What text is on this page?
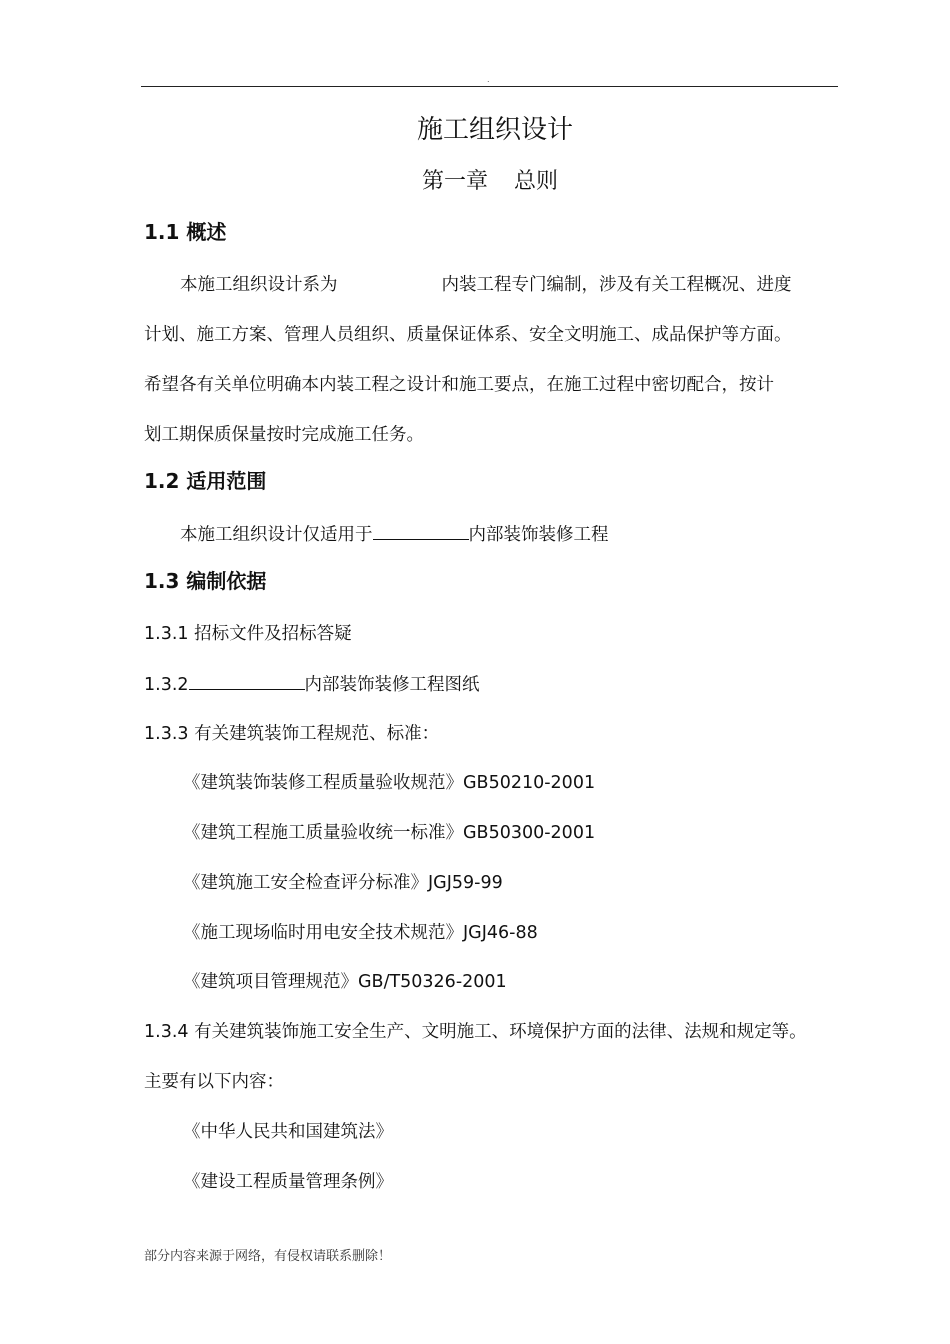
.
施工组织设计
第一章 总则
1.1 概述
本施工组织设计系为	内装工程专门编制，涉及有关工程概况、进度
计划、施工方案、管理人员组织、质量保证体系、安全文明施工、成品保护等方面。
希望各有关单位明确本内装工程之设计和施工要点，在施工过程中密切配合，按计
划工期保质保量按时完成施工任务。
1.2 适用范围
本施工组织设计仅适用于	内部装饰装修工程
1.3 编制依据
1.3.1 招标文件及招标答疑
1.3.2	内部装饰装修工程图纸
1.3.3 有关建筑装饰工程规范、标准：
《建筑装饰装修工程质量验收规范》GB50210-2001
《建筑工程施工质量验收统一标准》GB50300-2001
《建筑施工安全检查评分标准》JGJ59-99
《施工现场临时用电安全技术规范》JGJ46-88
《建筑项目管理规范》GB/T50326-2001
1.3.4 有关建筑装饰施工安全生产、文明施工、环境保护方面的法律、法规和规定等。
主要有以下内容：
《中华人民共和国建筑法》
《建设工程质量管理条例》
部分内容来源于网络，有侵权请联系删除！
